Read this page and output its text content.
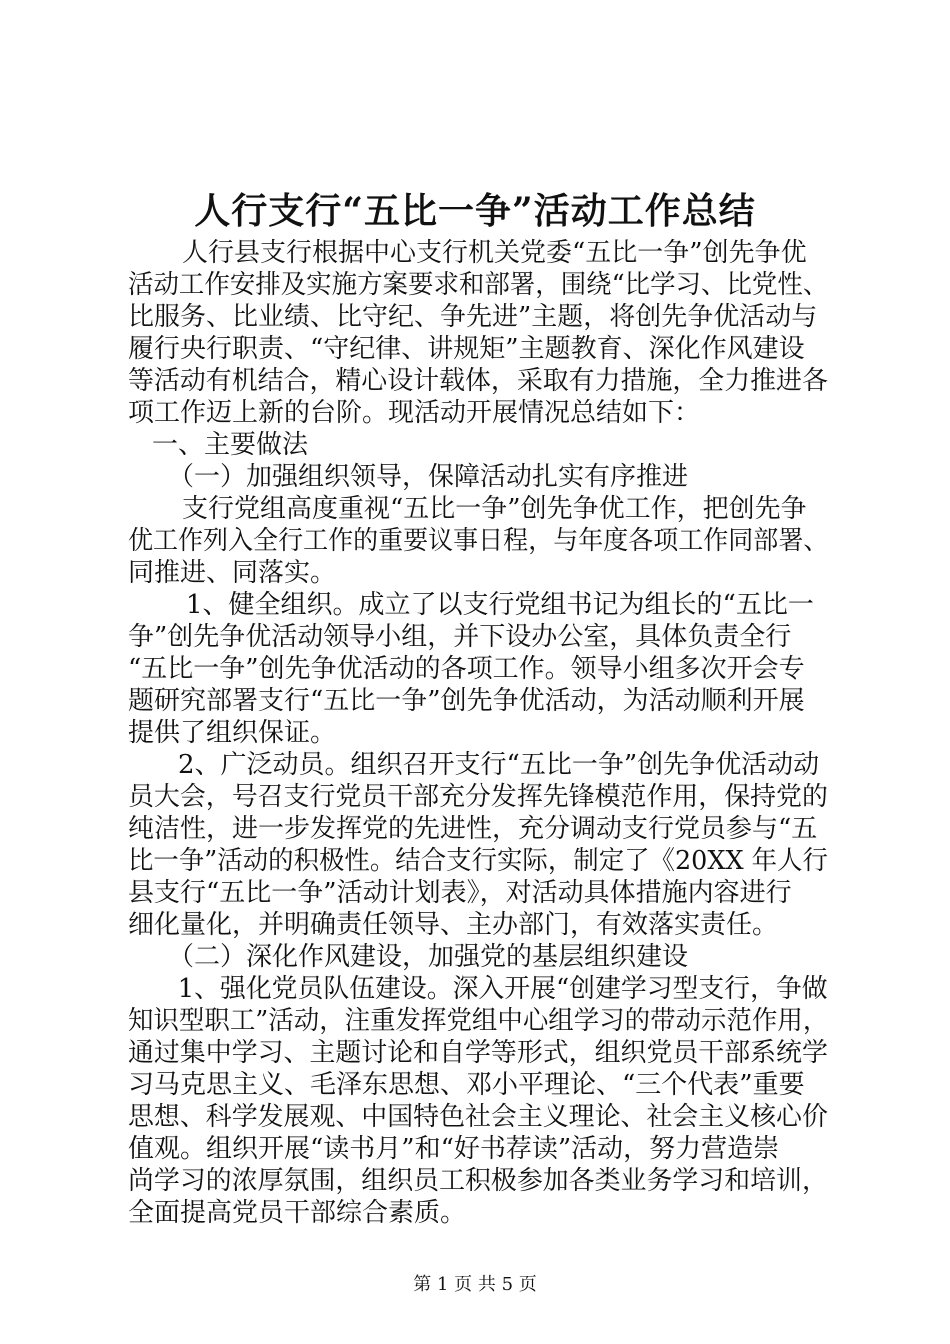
人行支行“五比一争”活动工作总结
人行县支行根据中心支行机关党委“五比一争”创先争优
活动工作安排及实施方案要求和部署，围绕“比学习、比党性、
比服务、比业绩、比守纪、争先进”主题，将创先争优活动与
履行央行职责、“守纪律、讲规矩”主题教育、深化作风建设
等活动有机结合，精心设计载体，采取有力措施，全力推进各
项工作迈上新的台阶。现活动开展情况总结如下：
一、主要做法
（一）加强组织领导，保障活动扎实有序推进
支行党组高度重视“五比一争”创先争优工作，把创先争
优工作列入全行工作的重要议事日程，与年度各项工作同部署、
同推进、同落实。
1、健全组织。成立了以支行党组书记为组长的“五比一
争”创先争优活动领导小组，并下设办公室，具体负责全行
“五比一争”创先争优活动的各项工作。领导小组多次开会专
题研究部署支行“五比一争”创先争优活动，为活动顺利开展
提供了组织保证。
2、广泛动员。组织召开支行“五比一争”创先争优活动动
员大会，号召支行党员干部充分发挥先锋模范作用，保持党的
纯洁性，进一步发挥党的先进性，充分调动支行党员参与“五
比一争”活动的积极性。结合支行实际，制定了《20XX 年人行
县支行“五比一争”活动计划表》，对活动具体措施内容进行
细化量化，并明确责任领导、主办部门，有效落实责任。
（二）深化作风建设，加强党的基层组织建设
1、强化党员队伍建设。深入开展“创建学习型支行，争做
知识型职工”活动，注重发挥党组中心组学习的带动示范作用，
通过集中学习、主题讨论和自学等形式，组织党员干部系统学
习马克思主义、毛泽东思想、邓小平理论、“三个代表”重要
思想、科学发展观、中国特色社会主义理论、社会主义核心价
值观。组织开展“读书月”和“好书荐读”活动，努力营造崇
尚学习的浓厚氛围，组织员工积极参加各类业务学习和培训，
全面提高党员干部综合素质。
第 1 页 共 5 页
